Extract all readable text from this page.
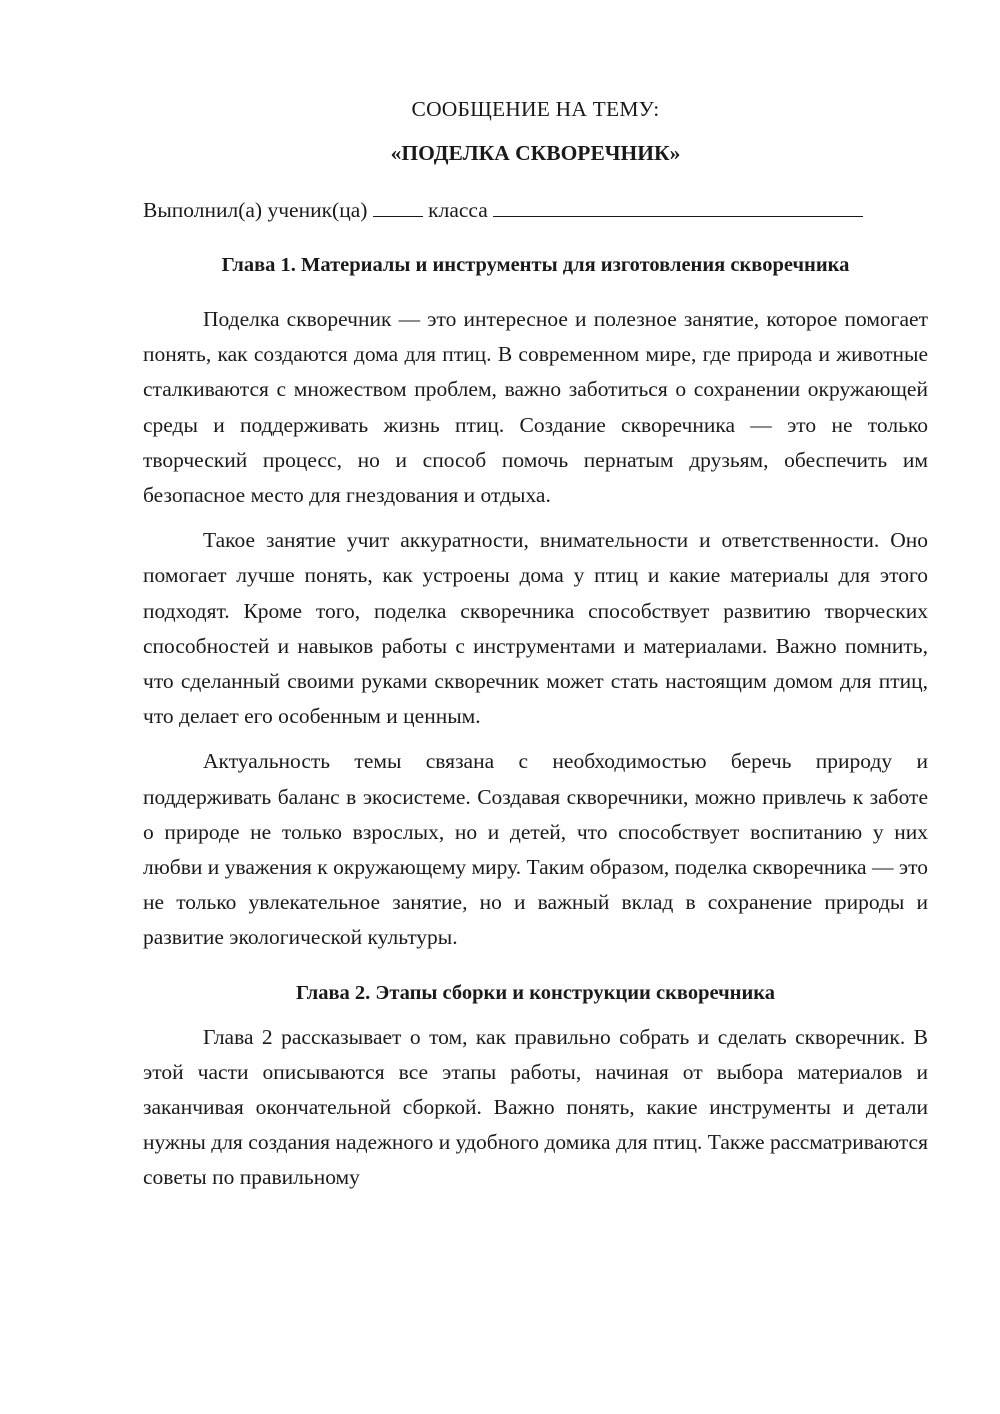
СООБЩЕНИЕ НА ТЕМУ:

«ПОДЕЛКА СКВОРЕЧНИК»

Выполнил(а) ученик(ца)	класса

Глава 1. Материалы и инструменты для изготовления скворечника

Поделка скворечник — это интересное и полезное занятие, которое помогает понять, как создаются дома для птиц. В современном мире, где природа и животные сталкиваются с множеством проблем, важно заботиться о сохранении окружающей среды и поддерживать жизнь птиц. Создание скворечника — это не только творческий процесс, но и способ помочь пернатым друзьям, обеспечить им безопасное место для гнездования и отдыха.

Такое занятие учит аккуратности, внимательности и ответственности. Оно помогает лучше понять, как устроены дома у птиц и какие материалы для этого подходят. Кроме того, поделка скворечника способствует развитию творческих способностей и навыков работы с инструментами и материалами. Важно помнить, что сделанный своими руками скворечник может стать настоящим домом для птиц, что делает его особенным и ценным.

Актуальность темы связана с необходимостью беречь природу и поддерживать баланс в экосистеме. Создавая скворечники, можно привлечь к заботе о природе не только взрослых, но и детей, что способствует воспитанию у них любви и уважения к окружающему миру. Таким образом, поделка скворечника — это не только увлекательное занятие, но и важный вклад в сохранение природы и развитие экологической культуры.

Глава 2. Этапы сборки и конструкции скворечника

Глава 2 рассказывает о том, как правильно собрать и сделать скворечник. В этой части описываются все этапы работы, начиная от выбора материалов и заканчивая окончательной сборкой. Важно понять, какие инструменты и детали нужны для создания надежного и удобного домика для птиц. Также рассматриваются советы по правильному
